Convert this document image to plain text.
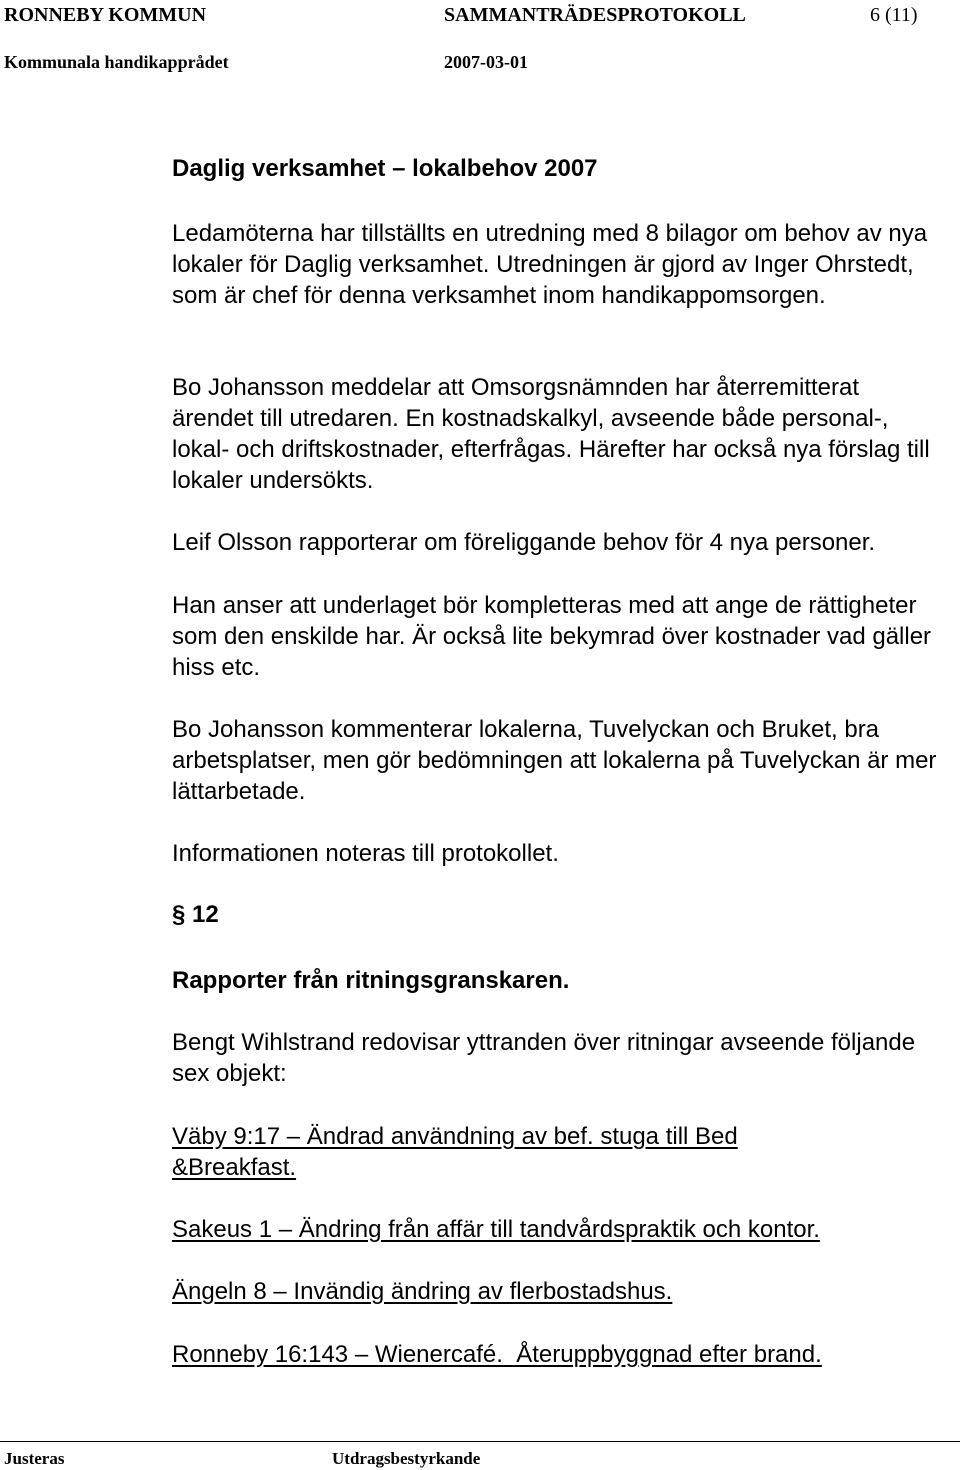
RONNEBY KOMMUN	SAMMANTRÄDESPROTOKOLL	6 (11)
Kommunala handikapprådet	2007-03-01

Daglig verksamhet – lokalbehov 2007

Ledamöterna har tillställts en utredning med 8 bilagor om behov av nya lokaler för Daglig verksamhet. Utredningen är gjord av Inger Ohrstedt, som är chef för denna verksamhet inom handikappomsorgen.

Bo Johansson meddelar att Omsorgsnämnden har återremitterat ärendet till utredaren. En kostnadskalkyl, avseende både personal-, lokal- och driftskostnader, efterfrågas. Härefter har också nya förslag till lokaler undersökts.

Leif Olsson rapporterar om föreliggande behov för 4 nya personer.

Han anser att underlaget bör kompletteras med att ange de rättigheter som den enskilde har. Är också lite bekymrad över kostnader vad gäller hiss etc.

Bo Johansson kommenterar lokalerna, Tuvelyckan och Bruket, bra arbetsplatser, men gör bedömningen att lokalerna på Tuvelyckan är mer lättarbetade.

Informationen noteras till protokollet.

§ 12

Rapporter från ritningsgranskaren.

Bengt Wihlstrand redovisar yttranden över ritningar avseende följande sex objekt:

Väby 9:17 – Ändrad användning av bef. stuga till Bed &Breakfast.

Sakeus 1 – Ändring från affär till tandvårdspraktik och kontor.

Ängeln 8 – Invändig ändring av flerbostadshus.

Ronneby 16:143 – Wienercafé.  Återuppbyggnad efter brand.

Justeras	Utdragsbestyrkande
